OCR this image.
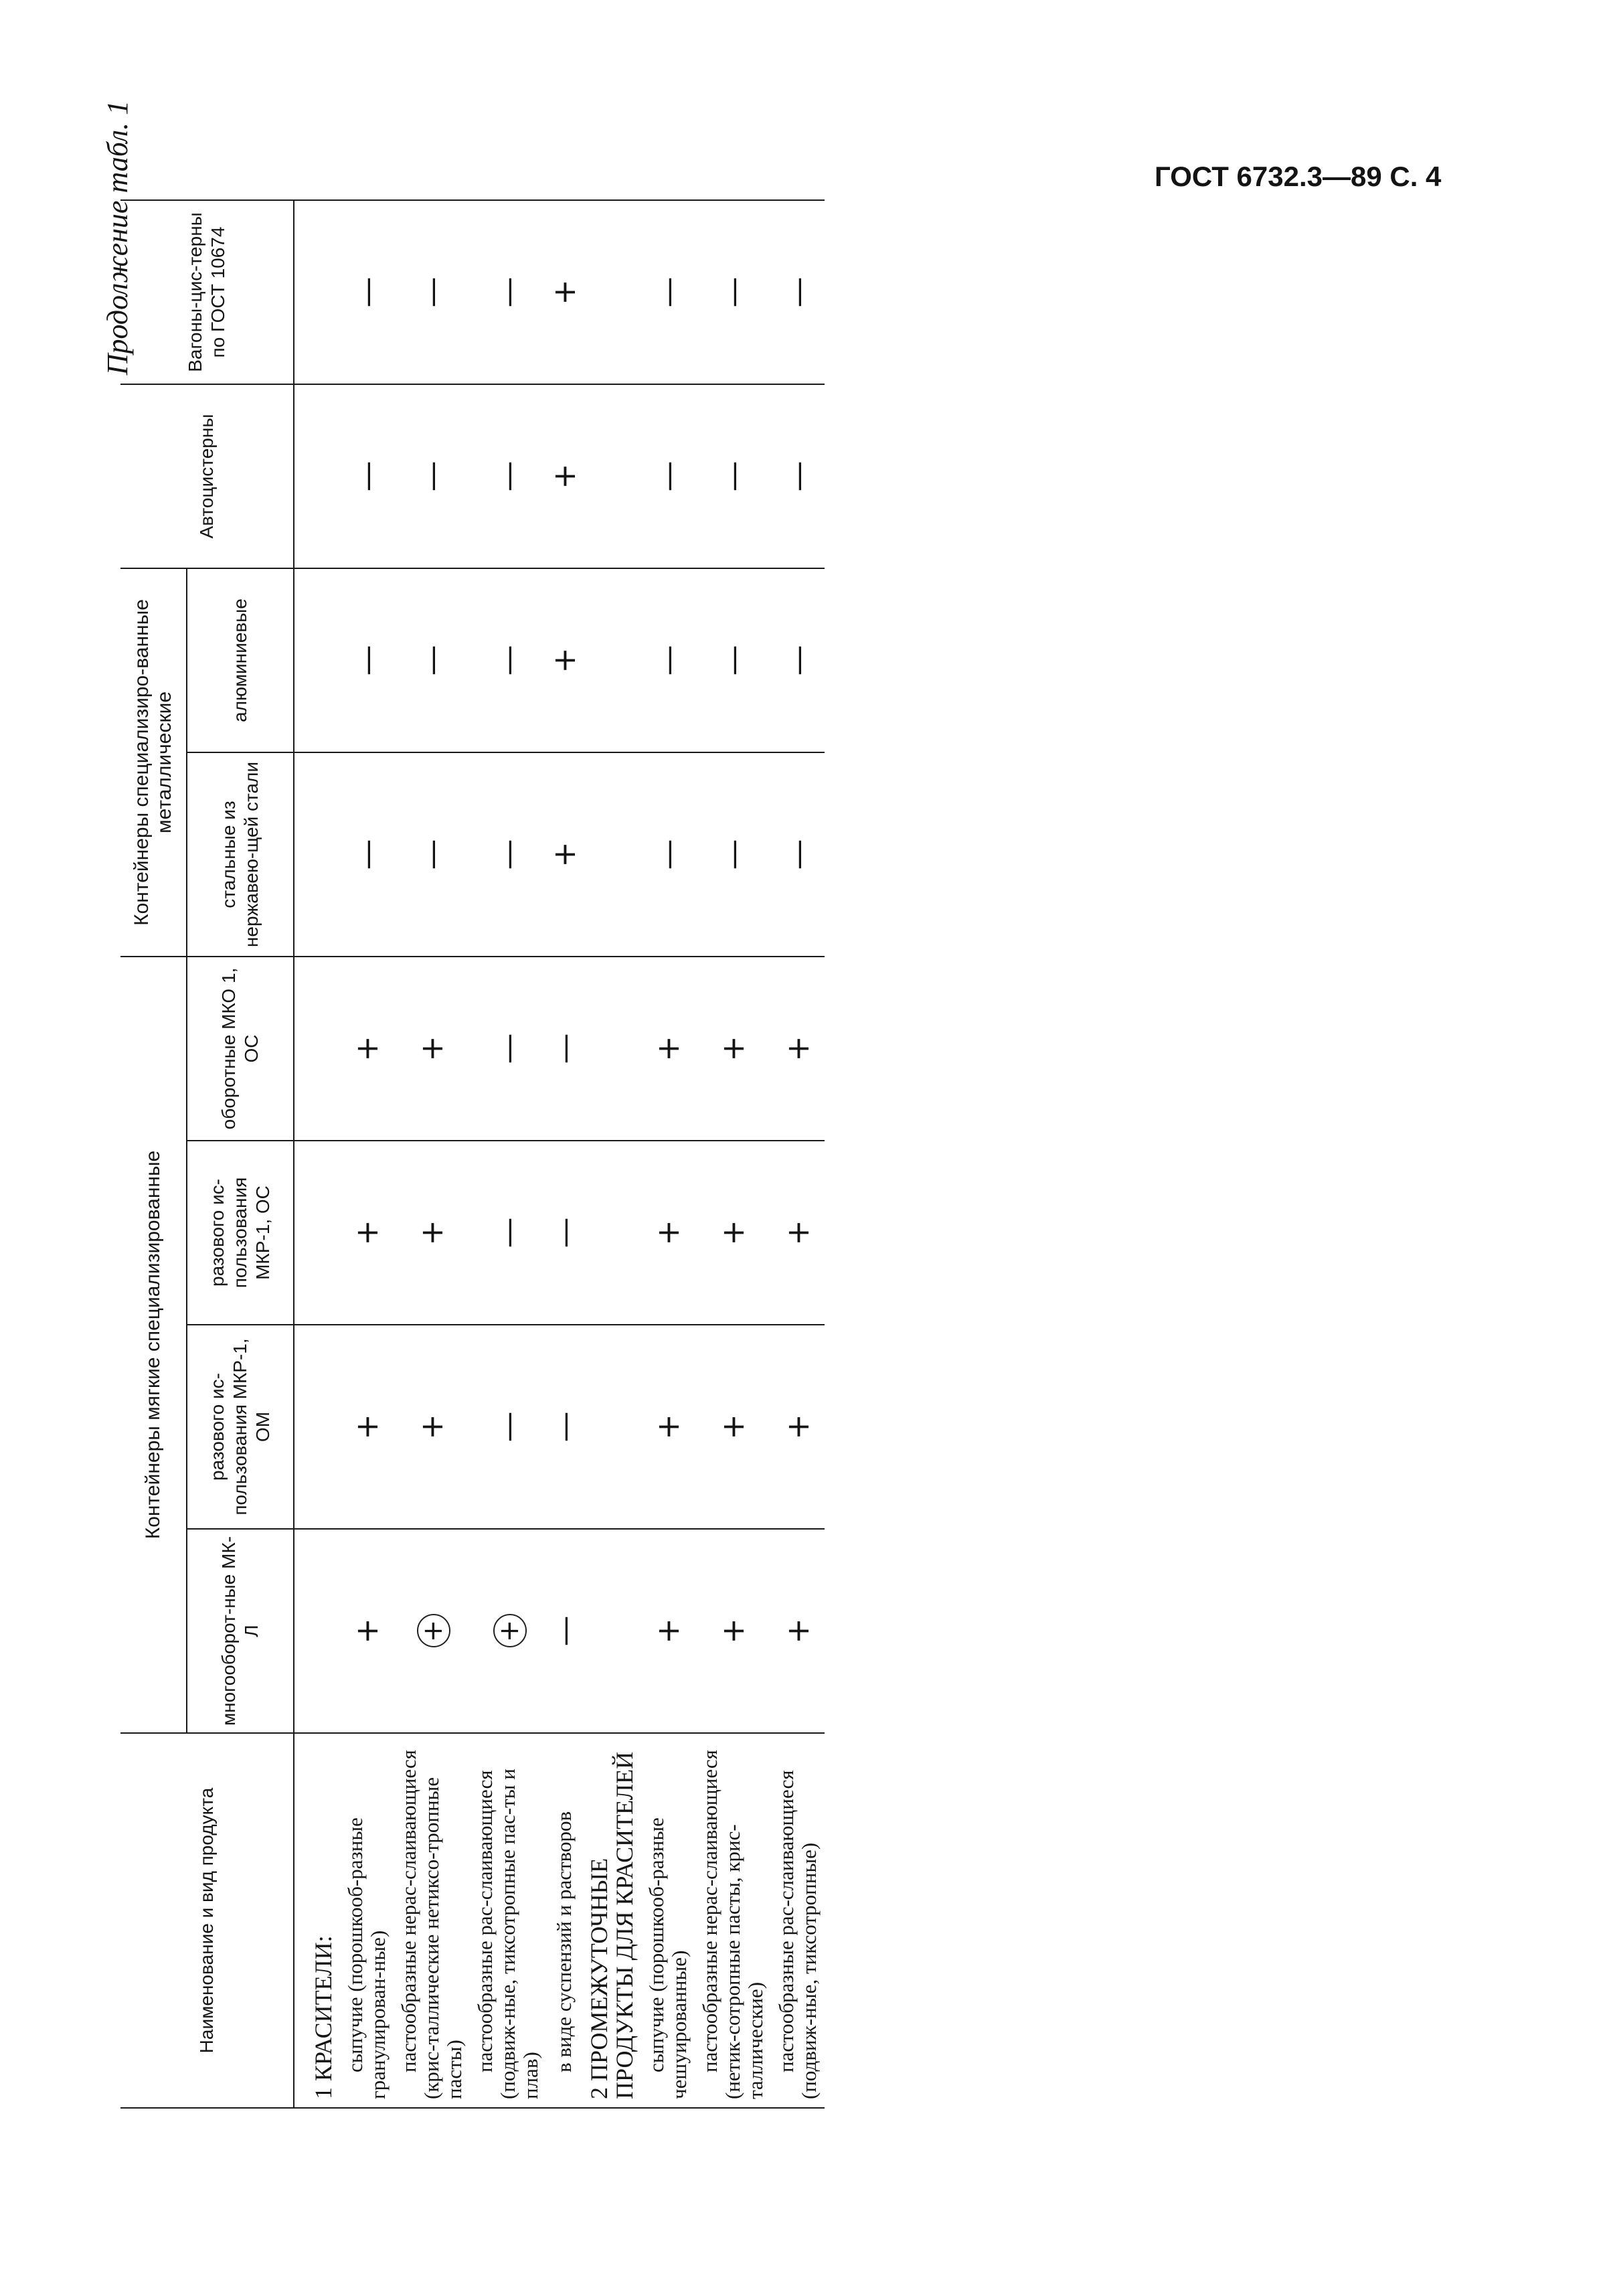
ГОСТ 6732.3—89 С. 4
Продолжение табл. 1
Наименование и вид продукта	Контейнеры мягкие специализированные				Контейнеры специализиро-ванные металлические		Автоцистерны	Вагоны-цис-терны по ГОСТ 10674
	многооборот-ные МК-Л	разового ис-пользования МКР-1, ОМ	разового ис-пользования МКР-1, ОС	оборотные МКО 1, ОС	стальные из нержавею-щей стали	алюминиевые		

1 КРАСИТЕЛИ:								
сыпучие (порошкооб-разные гранулирован-ные)	+	+	+	+	—	—	—	—
пастообразные нерас-слаивающиеся (крис-таллические нетиксо-тропные пасты)	+	+	+	+	—	—	—	—
пастообразные рас-слаивающиеся (подвиж-ные, тиксотропные пас-ты и плав)	+	—	—	—	—	—	—	—
в виде суспензий и растворов	—	—	—	—	+	+	+	+
2 ПРОМЕЖУТОЧНЫЕ ПРОДУКТЫ ДЛЯ КРАСИТЕЛЕЙ								
сыпучие (порошкооб-разные чешуированные)	+	+	+	+	—	—	—	—
пастообразные нерас-слаивающиеся (нетик-сотропные пасты, крис-таллические)	+	+	+	+	—	—	—	—
пастообразные рас-слаивающиеся (подвиж-ные, тиксотропные)	+	+	+	+	—	—	—	—
